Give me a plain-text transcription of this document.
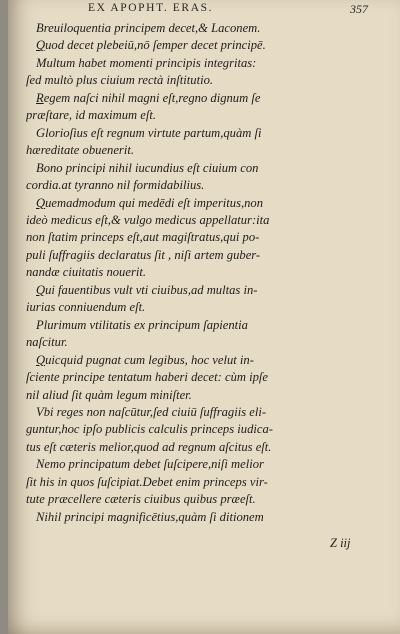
EX APOPHT. ERAS.	357
Breuiloquentia principem decet,& Laconem.
Quod decet plebeiū,nō ſemper decet principē.
Multum habet momenti principis integritas:
ſed multò plus ciuium rectà inſtitutio.
Regem naſci nihil magni eſt,regno dignum ſe
præſtare, id maximum eſt.
Glorioſius eſt regnum virtute partum,quàm ſi
hæreditate obuenerit.
Bono principi nihil iucundius eſt ciuium con
cordia.at tyranno nil formidabilius.
Quemadmodum qui medēdi eſt imperitus,non
ideò medicus eſt,& vulgo medicus appellatur:ita
non ſtatim princeps eſt,aut magiſtratus,qui po-
puli ſuffragiis declaratus ſit , niſi artem guber-
nandæ ciuitatis nouerit.
Qui fauentibus vult vti ciuibus,ad multas in-
iurias conniuendum eſt.
Plurimum vtilitatis ex principum ſapientia
naſcitur.
Quicquid pugnat cum legibus, hoc velut in-
ſciente principe tentatum haberi decet: cùm ipſe
nil aliud ſit quàm legum miniſter.
Vbi reges non naſcūtur,ſed ciuiū ſuffragiis eli-
guntur,hoc ipſo publicis calculis princeps iudica-
tus eſt cæteris melior,quod ad regnum aſcitus eſt.
Nemo principatum debet ſuſcipere,niſi melior
ſit his in quos ſuſcipiat.Debet enim princeps vir-
tute præcellere cæteris ciuibus quibus præeſt.
Nihil principi magnificētius,quàm ſi ditionem
Z iij
